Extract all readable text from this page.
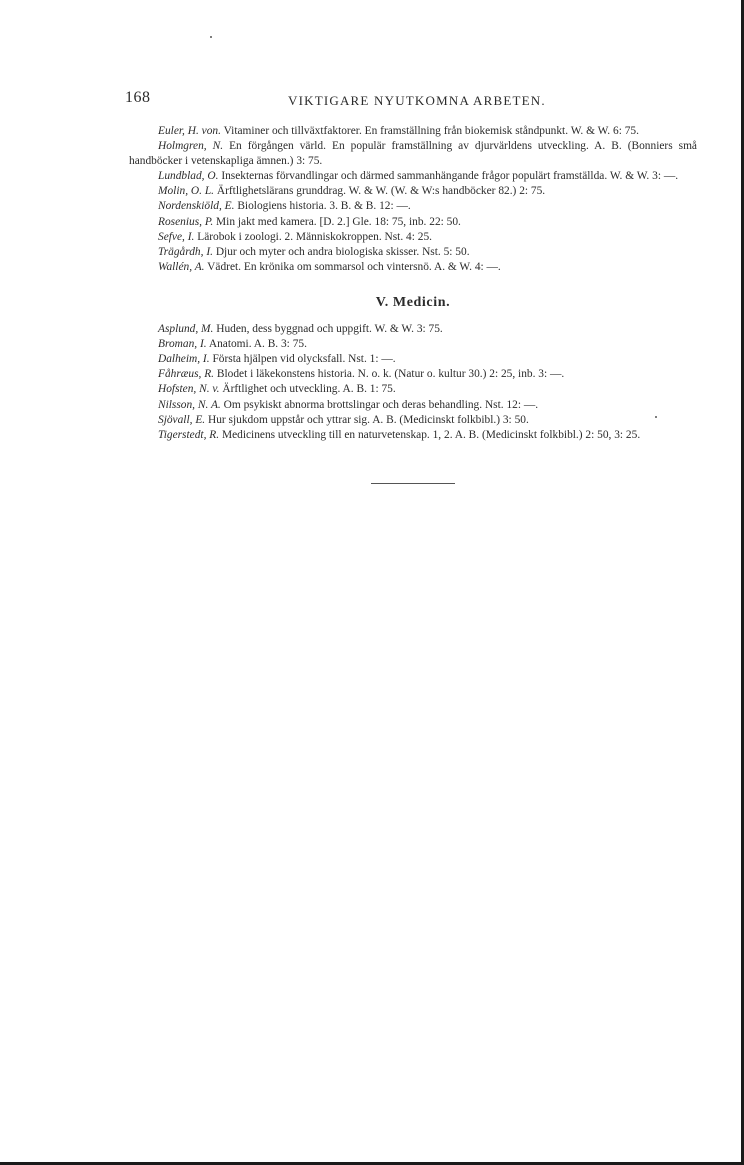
168	VIKTIGARE NYUTKOMNA ARBETEN.

Euler, H. von. Vitaminer och tillväxtfaktorer. En framställning från biokemisk ståndpunkt. W. & W. 6: 75.

Holmgren, N. En förgången värld. En populär framställning av djurvärldens utveckling. A. B. (Bonniers små handböcker i vetenskapliga ämnen.) 3: 75.

Lundblad, O. Insekternas förvandlingar och därmed sammanhängande frågor populärt framställda. W. & W. 3: —.

Molin, O. L. Ärftlighetslärans grunddrag. W. & W. (W. & W:s handböcker 82.) 2: 75.

Nordenskiöld, E. Biologiens historia. 3. B. & B. 12: —.

Rosenius, P. Min jakt med kamera. [D. 2.] Gle. 18: 75, inb. 22: 50.

Sefve, I. Lärobok i zoologi. 2. Människokroppen. Nst. 4: 25.

Trägårdh, I. Djur och myter och andra biologiska skisser. Nst. 5: 50.

Wallén, A. Vädret. En krönika om sommarsol och vintersnö. A. & W. 4: —.

V. Medicin.

Asplund, M. Huden, dess byggnad och uppgift. W. & W. 3: 75.

Broman, I. Anatomi. A. B. 3: 75.

Dalheim, I. Första hjälpen vid olycksfall. Nst. 1: —.

Fåhræus, R. Blodet i läkekonstens historia. N. o. k. (Natur o. kultur 30.) 2: 25, inb. 3: —.

Hofsten, N. v. Ärftlighet och utveckling. A. B. 1: 75.

Nilsson, N. A. Om psykiskt abnorma brottslingar och deras behandling. Nst. 12: —.

Sjövall, E. Hur sjukdom uppstår och yttrar sig. A. B. (Medicinskt folkbibl.) 3: 50.

Tigerstedt, R. Medicinens utveckling till en naturvetenskap. 1, 2. A. B. (Medicinskt folkbibl.) 2: 50, 3: 25.
